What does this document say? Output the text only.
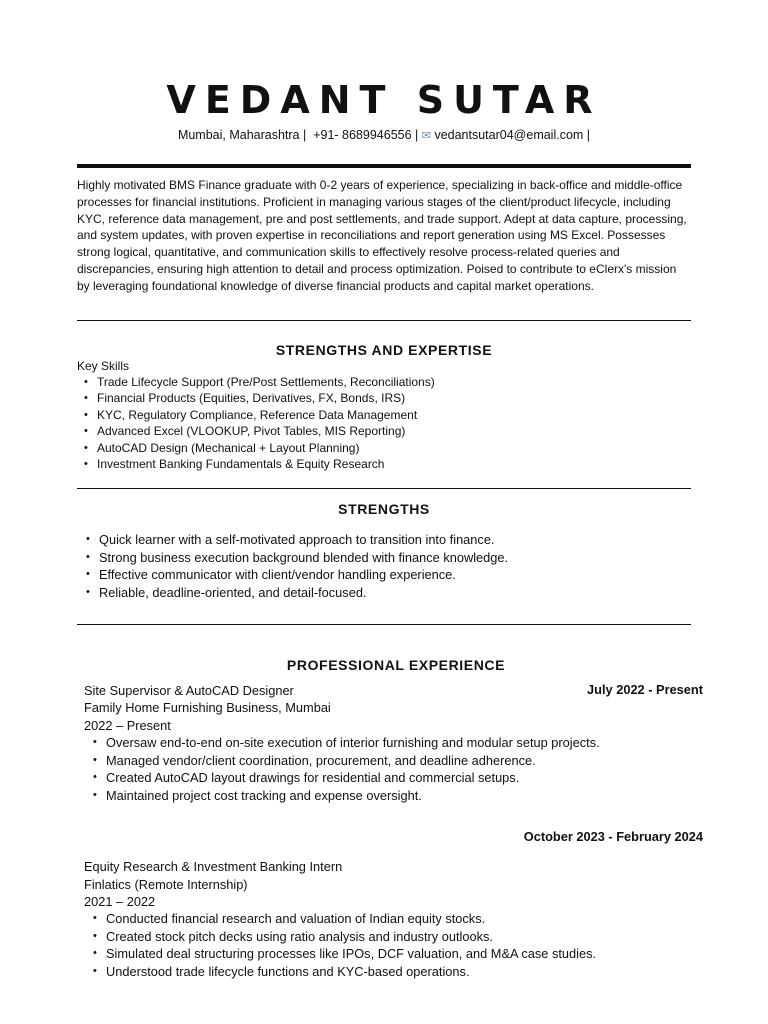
VEDANT SUTAR
Mumbai, Maharashtra | +91- 8689946556 | ✉ vedantsutar04@email.com |
Highly motivated BMS Finance graduate with 0-2 years of experience, specializing in back-office and middle-office processes for financial institutions. Proficient in managing various stages of the client/product lifecycle, including KYC, reference data management, pre and post settlements, and trade support. Adept at data capture, processing, and system updates, with proven expertise in reconciliations and report generation using MS Excel. Possesses strong logical, quantitative, and communication skills to effectively resolve process-related queries and discrepancies, ensuring high attention to detail and process optimization. Poised to contribute to eClerx's mission by leveraging foundational knowledge of diverse financial products and capital market operations.
STRENGTHS AND EXPERTISE
Key Skills
• Trade Lifecycle Support (Pre/Post Settlements, Reconciliations)
• Financial Products (Equities, Derivatives, FX, Bonds, IRS)
• KYC, Regulatory Compliance, Reference Data Management
• Advanced Excel (VLOOKUP, Pivot Tables, MIS Reporting)
• AutoCAD Design (Mechanical + Layout Planning)
• Investment Banking Fundamentals & Equity Research
STRENGTHS
• Quick learner with a self-motivated approach to transition into finance.
• Strong business execution background blended with finance knowledge.
• Effective communicator with client/vendor handling experience.
• Reliable, deadline-oriented, and detail-focused.
PROFESSIONAL EXPERIENCE
Site Supervisor & AutoCAD Designer	July 2022 - Present
Family Home Furnishing Business, Mumbai
2022 – Present
• Oversaw end-to-end on-site execution of interior furnishing and modular setup projects.
• Managed vendor/client coordination, procurement, and deadline adherence.
• Created AutoCAD layout drawings for residential and commercial setups.
• Maintained project cost tracking and expense oversight.
October 2023 - February 2024
Equity Research & Investment Banking Intern
Finlatics (Remote Internship)
2021 – 2022
• Conducted financial research and valuation of Indian equity stocks.
• Created stock pitch decks using ratio analysis and industry outlooks.
• Simulated deal structuring processes like IPOs, DCF valuation, and M&A case studies.
• Understood trade lifecycle functions and KYC-based operations.
